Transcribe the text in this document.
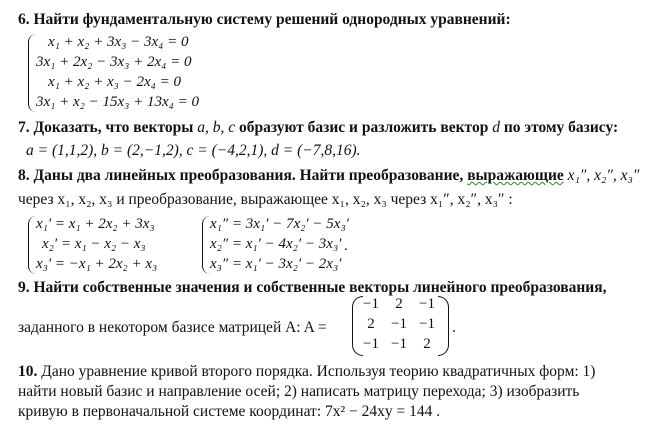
6. Найти фундаментальную систему решений однородных уравнений:
x₁ + x₂ + 3x₃ − 3x₄ = 0
3x₁ + 2x₂ − 3x₃ + 2x₄ = 0
x₁ + x₂ + x₃ − 2x₄ = 0
3x₁ + x₂ − 15x₃ + 13x₄ = 0
7. Доказать, что векторы a, b, c образуют базис и разложить вектор d по этому базису:
a = (1,1,2), b = (2,−1,2), c = (−4,2,1), d = (−7,8,16).
8. Даны два линейных преобразования. Найти преобразование, выражающие x₁″, x₂″, x₃″
через x₁, x₂, x₃ и преобразование, выражающее x₁, x₂, x₃ через x₁″, x₂″, x₃″ :
x₁′ = x₁ + 2x₂ + 3x₃
x₂′ = x₁ − x₂ − x₃
x₃′ = −x₁ + 2x₂ + x₃
x₁″ = 3x₁′ − 7x₂′ − 5x₃′
x₂″ = x₁′ − 4x₂′ − 3x₃′
x₃″ = x₁′ − 3x₂′ − 2x₃′
.
9. Найти собственные значения и собственные векторы линейного преобразования,
заданного в некотором базисе матрицей A: A =
−1	2	−1
2	−1 −1
−1 −1	2
.
10. Дано уравнение кривой второго порядка. Используя теорию квадратичных форм: 1)
найти новый базис и направление осей; 2) написать матрицу перехода; 3) изобразить
кривую в первоначальной системе координат: 7x² − 24xy = 144 .
